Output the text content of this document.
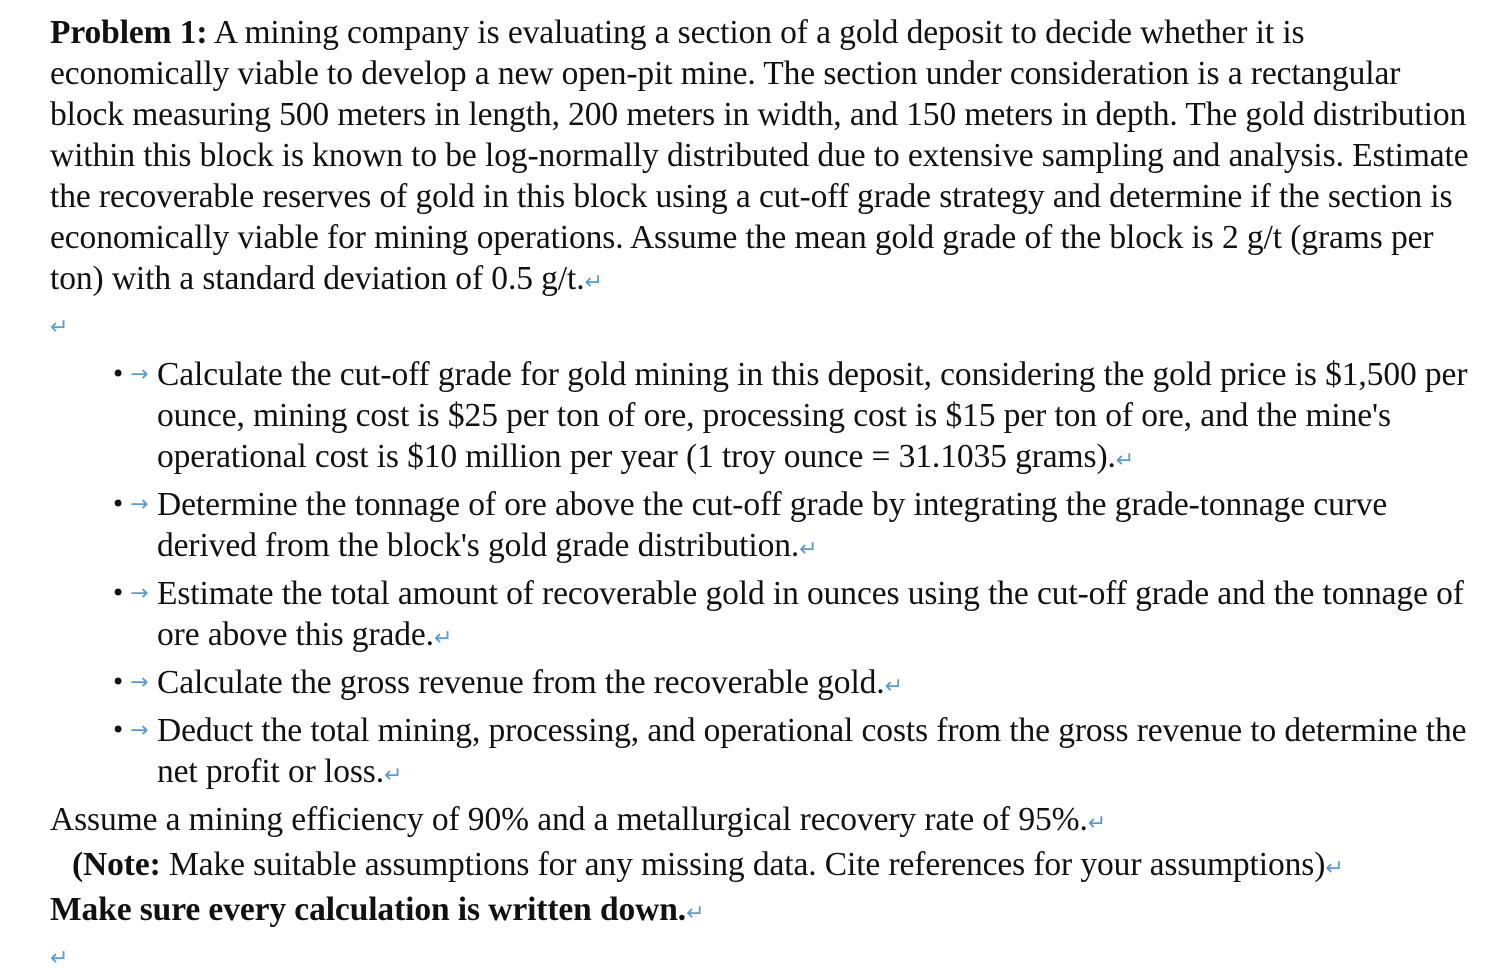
Problem 1: A mining company is evaluating a section of a gold deposit to decide whether it is economically viable to develop a new open-pit mine. The section under consideration is a rectangular block measuring 500 meters in length, 200 meters in width, and 150 meters in depth. The gold distribution within this block is known to be log-normally distributed due to extensive sampling and analysis. Estimate the recoverable reserves of gold in this block using a cut-off grade strategy and determine if the section is economically viable for mining operations. Assume the mean gold grade of the block is 2 g/t (grams per ton) with a standard deviation of 0.5 g/t.↵

↵
• → Calculate the cut-off grade for gold mining in this deposit, considering the gold price is $1,500 per ounce, mining cost is $25 per ton of ore, processing cost is $15 per ton of ore, and the mine's operational cost is $10 million per year (1 troy ounce = 31.1035 grams).↵
• → Determine the tonnage of ore above the cut-off grade by integrating the grade-tonnage curve derived from the block's gold grade distribution.↵
• → Estimate the total amount of recoverable gold in ounces using the cut-off grade and the tonnage of ore above this grade.↵
• → Calculate the gross revenue from the recoverable gold.↵
• → Deduct the total mining, processing, and operational costs from the gross revenue to determine the net profit or loss.↵

Assume a mining efficiency of 90% and a metallurgical recovery rate of 95%.↵

(Note: Make suitable assumptions for any missing data. Cite references for your assumptions)↵

Make sure every calculation is written down.↵

↵
